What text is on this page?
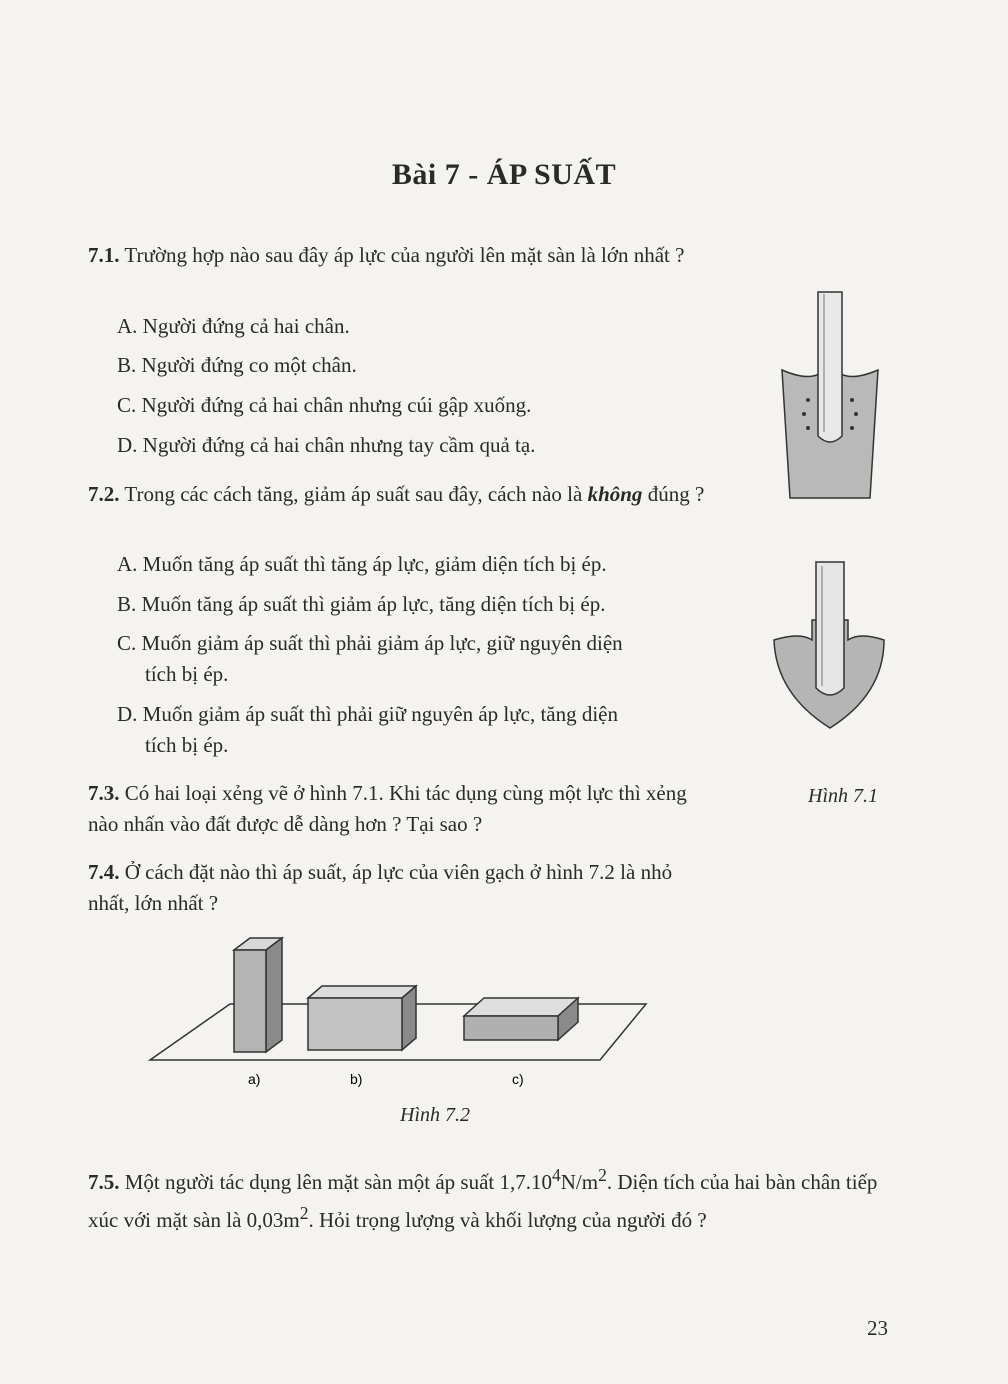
Bài 7 - ÁP SUẤT
7.1. Trường hợp nào sau đây áp lực của người lên mặt sàn là lớn nhất ?
A. Người đứng cả hai chân.
B. Người đứng co một chân.
C. Người đứng cả hai chân nhưng cúi gập xuống.
D. Người đứng cả hai chân nhưng tay cầm quả tạ.
7.2. Trong các cách tăng, giảm áp suất sau đây, cách nào là không đúng ?
A. Muốn tăng áp suất thì tăng áp lực, giảm diện tích bị ép.
B. Muốn tăng áp suất thì giảm áp lực, tăng diện tích bị ép.
C. Muốn giảm áp suất thì phải giảm áp lực, giữ nguyên diện
tích bị ép.
D. Muốn giảm áp suất thì phải giữ nguyên áp lực, tăng diện
tích bị ép.
7.3. Có hai loại xẻng vẽ ở hình 7.1. Khi tác dụng cùng một lực thì xẻng nào nhấn vào đất được dễ dàng hơn ? Tại sao ?
7.4. Ở cách đặt nào thì áp suất, áp lực của viên gạch ở hình 7.2 là nhỏ nhất, lớn nhất ?
Hình 7.1
a)	b)	c)
Hình 7.2
7.5. Một người tác dụng lên mặt sàn một áp suất $1,7.10^4N/m^2$. Diện tích của hai bàn chân tiếp xúc với mặt sàn là $0,03m^2$. Hỏi trọng lượng và khối lượng của người đó ?
23
